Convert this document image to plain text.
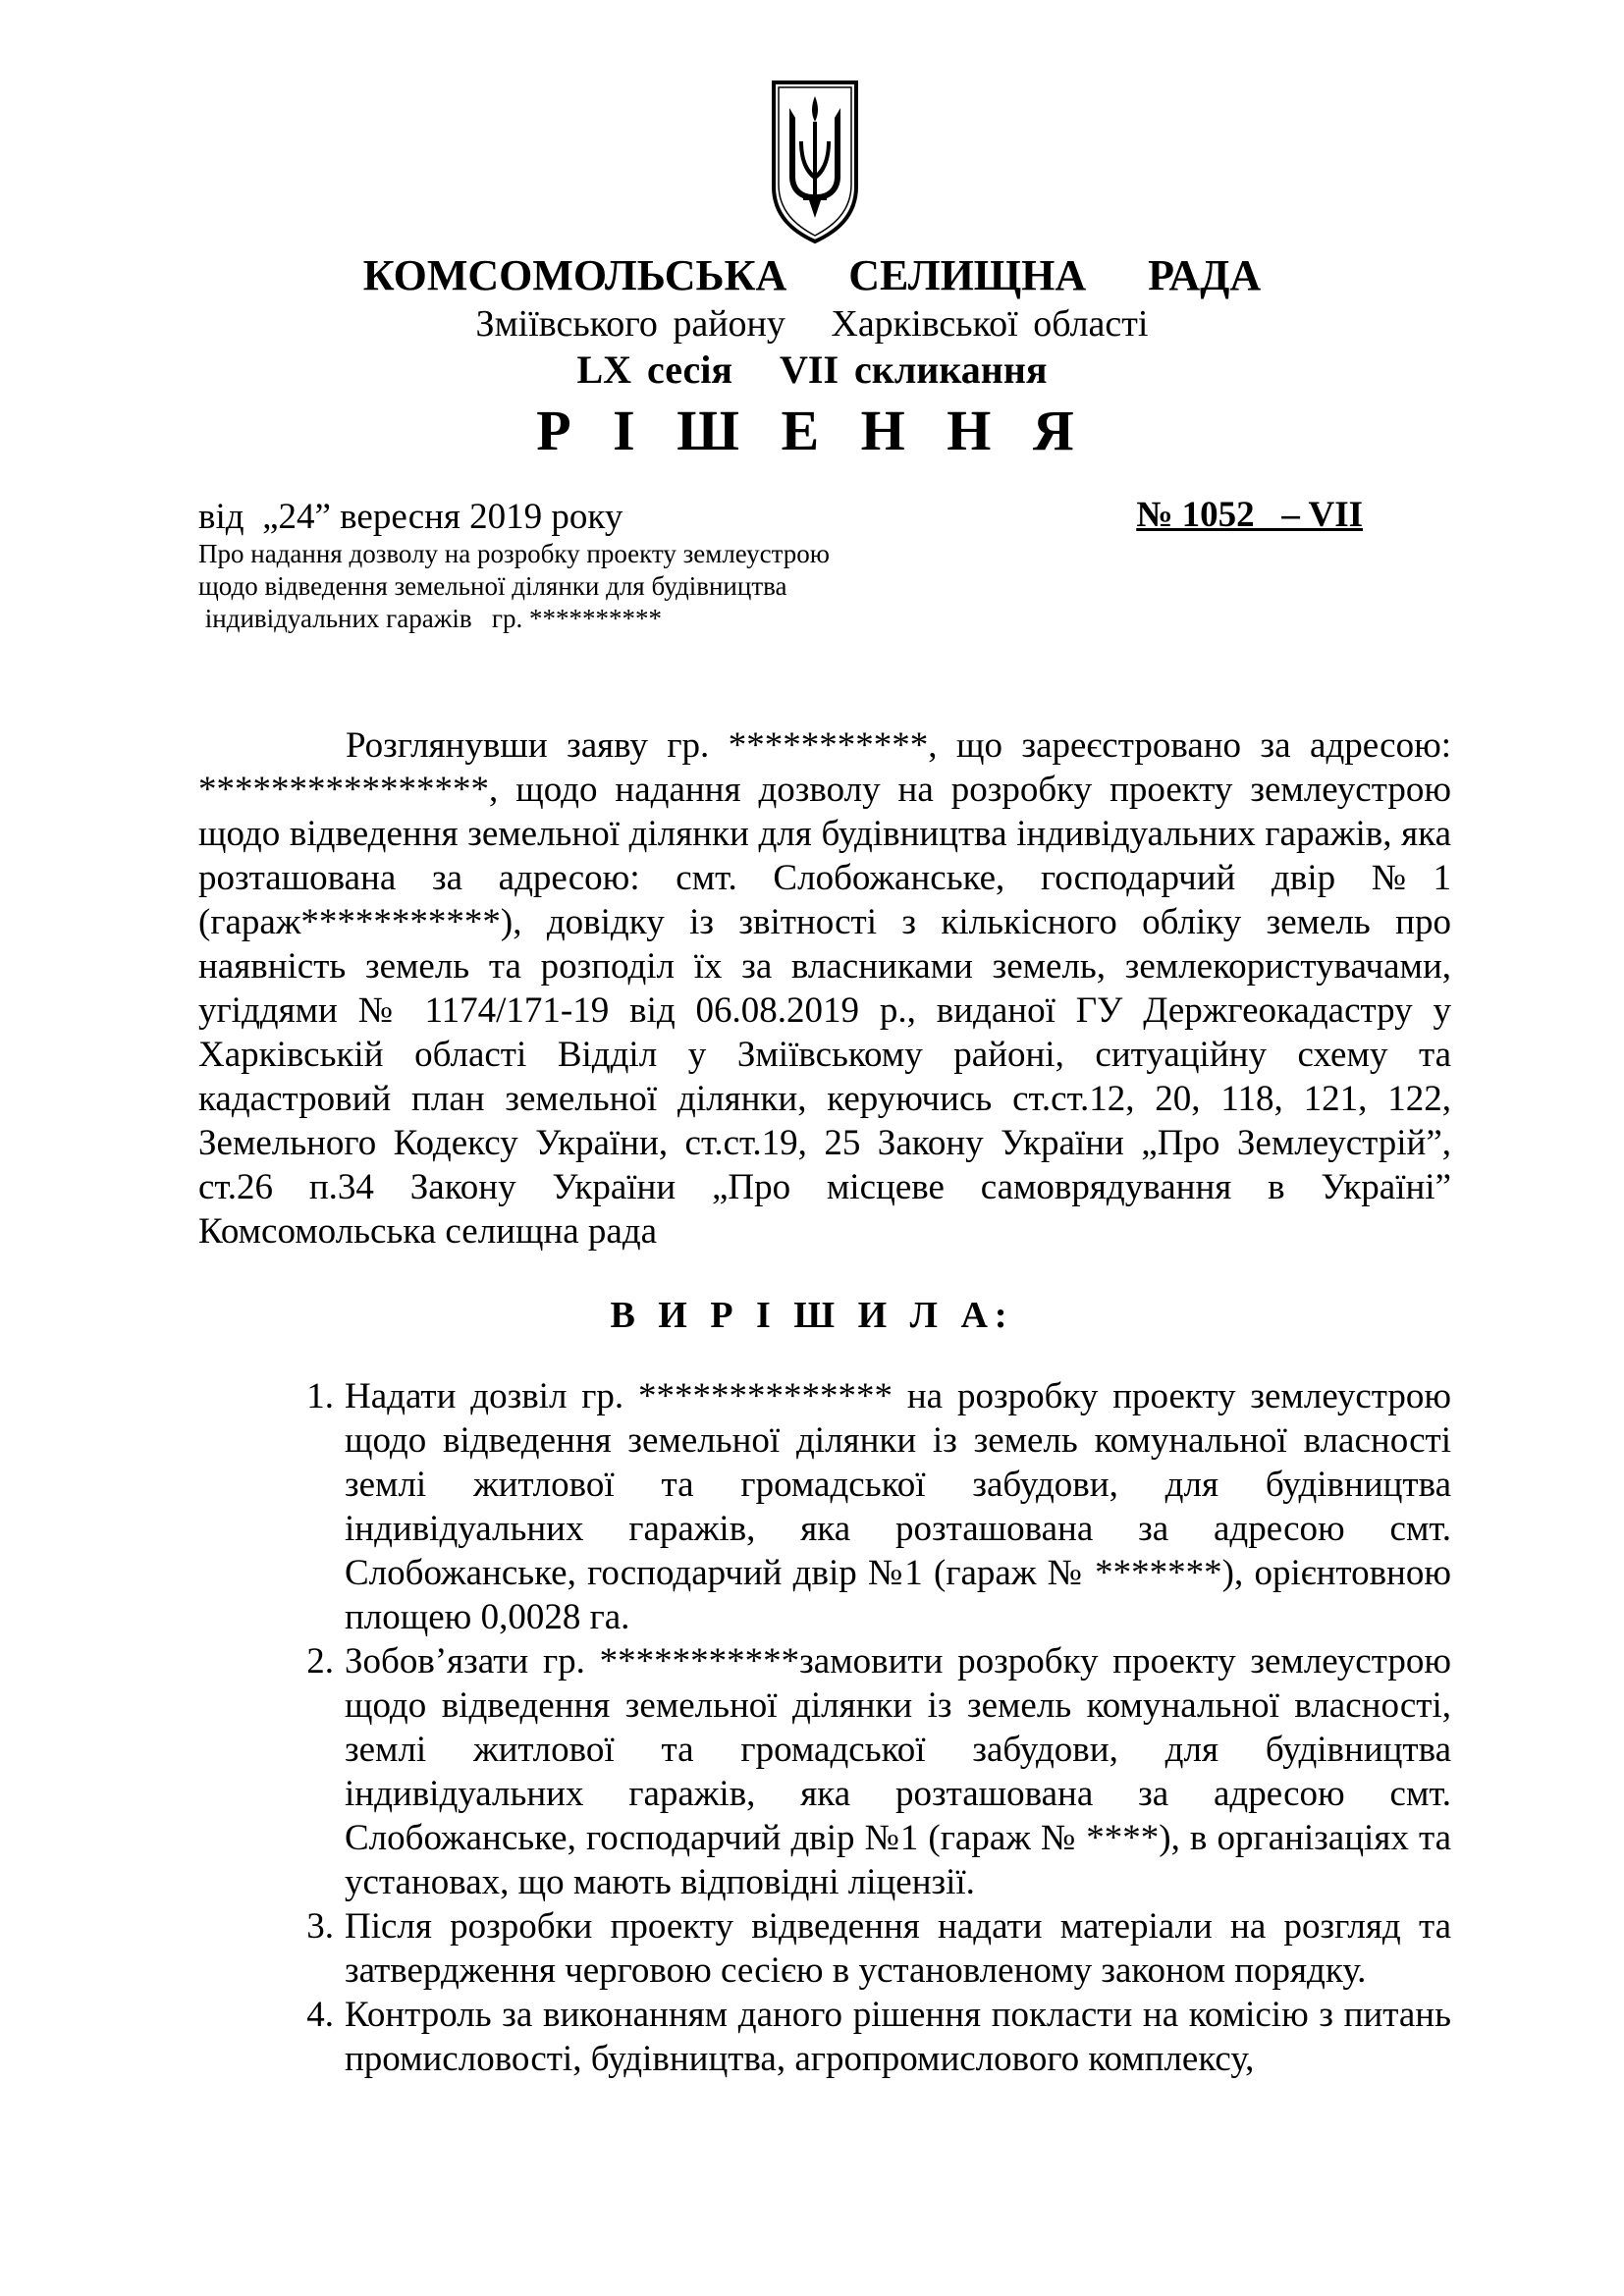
КОМСОМОЛЬСЬКА   СЕЛИЩНА   РАДА
Зміївського району   Харківської області
LX сесія   VII скликання
Р І Ш Е Н Н Я
від  „24” вересня 2019 року	№ 1052   – VII
Про надання дозволу на розробку проекту землеустрою
щодо відведення земельної ділянки для будівництва
індивідуальних гаражів   гр. **********
Розглянувши заяву гр. ***********, що зареєстровано за адресою: ****************, щодо надання дозволу на розробку проекту землеустрою щодо відведення земельної ділянки для будівництва індивідуальних гаражів, яка розташована за адресою: смт. Слобожанське, господарчий двір №1 (гараж***********), довідку із звітності з кількісного обліку земель про наявність земель та розподіл їх за власниками земель, землекористувачами, угіддями № 1174/171-19 від 06.08.2019 р., виданої ГУ Держгеокадастру у Харківській області Відділ у Зміївському районі, ситуаційну схему та кадастровий план земельної ділянки, керуючись ст.ст.12, 20, 118, 121, 122, Земельного Кодексу України, ст.ст.19, 25 Закону України „Про Землеустрій”, ст.26 п.34 Закону України „Про місцеве самоврядування в Україні” Комсомольська селищна рада
В И Р І Ш И Л А:
1. Надати дозвіл гр. ************** на розробку проекту землеустрою щодо відведення земельної ділянки із земель комунальної власності землі житлової та громадської забудови, для будівництва індивідуальних гаражів, яка розташована за адресою смт. Слобожанське, господарчий двір №1 (гараж № *******), орієнтовною площею 0,0028 га.
2. Зобов’язати гр. ***********замовити розробку проекту землеустрою щодо відведення земельної ділянки із земель комунальної власності, землі житлової та громадської забудови, для будівництва індивідуальних гаражів, яка розташована за адресою смт. Слобожанське, господарчий двір №1 (гараж № ****), в організаціях та установах, що мають відповідні ліцензії.
3. Після розробки проекту відведення надати матеріали на розгляд та затвердження черговою сесією в установленому законом порядку.
4. Контроль за виконанням даного рішення покласти на комісію з питань промисловості, будівництва, агропромислового комплексу,
